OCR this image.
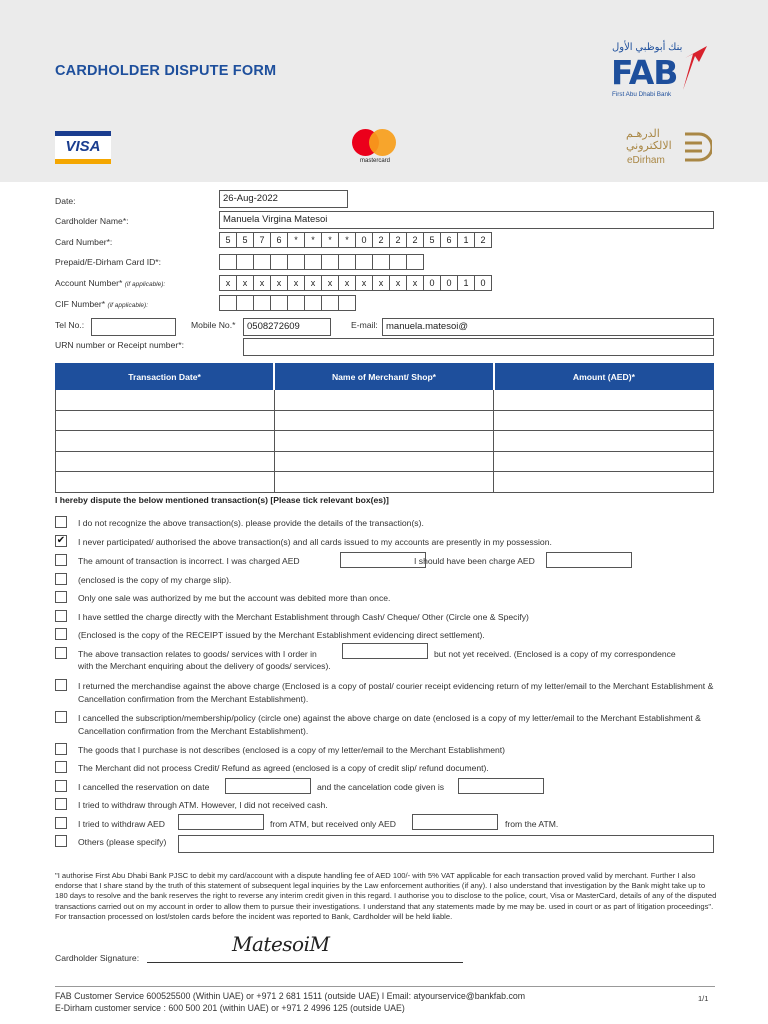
CARDHOLDER DISPUTE FORM
بنك أبوظبي الأول
FAB
First Abu Dhabi Bank
VISA
mastercard
الدرهـم
الالكتروني
eDirham
Date:	26-Aug-2022
Cardholder Name*:	Manuela Virgina Matesoi
Card Number*:	5	5	7	6	*	*	*	*	0	2	2	2	5	6	1	2
Prepaid/E-Dirham Card ID*:
Account Number* (if applicable):	x	x	x	x	x	x	x	x	x	x	x	x	0	0	1	0
CIF Number* (if applicable):
Tel No.:	Mobile No.*	0508272609	E-mail: manuela.matesoi@
URN number or Receipt number*:
Transaction Date*	Name of Merchant/ Shop*	Amount (AED)*

I hereby dispute the below mentioned transaction(s) [Please tick relevant box(es)]
I do not recognize the above transaction(s). please provide the details of the transaction(s).
✔ I never participated/ authorised the above transaction(s) and all cards issued to my accounts are presently in my possession.
The amount of transaction is incorrect. I was charged AED	I should have been charge AED
(enclosed is the copy of my charge slip).
Only one sale was authorized by me but the account was debited more than once.
I have settled the charge directly with the Merchant Establishment through Cash/ Cheque/ Other (Circle one & Specify)
(Enclosed is the copy of the RECEIPT issued by the Merchant Establishment evidencing direct settlement).
The above transaction relates to goods/ services with I order in	but not yet received. (Enclosed is a copy of my correspondence
with the Merchant enquiring about the delivery of goods/ services).
I returned the merchandise against the above charge (Enclosed is a copy of postal/ courier receipt evidencing return of my letter/email to the Merchant Establishment & Cancellation confirmation from the Merchant Establishment).
I cancelled the subscription/membership/policy (circle one) against the above charge on date (enclosed is a copy of my letter/email to the Merchant Establishment & Cancellation confirmation from the Merchant Establishment).
The goods that I purchase is not describes (enclosed is a copy of my letter/email to the Merchant Establishment)
The Merchant did not process Credit/ Refund as agreed (enclosed is a copy of credit slip/ refund document).
I cancelled the reservation on date	and the cancelation code given is
I tried to withdraw through ATM. However, I did not received cash.
I tried to withdraw AED	from ATM, but received only AED	from the ATM.
Others (please specify)
"I authorise First Abu Dhabi Bank PJSC to debit my card/account with a dispute handling fee of AED 100/- with 5% VAT applicable for each transaction proved valid by merchant. Further I also endorse that I share stand by the truth of this statement of subsequent legal inquiries by the Law enforcement authorities (if any). I also understand that investigation by the Bank might take up to 180 days to resolve and the bank reserves the right to reverse any interim credit given in this regard. I authorise you to disclose to the police, court, Visa or MasterCard, details of any of the disputed transactions carried out on my account in order to allow them to pursue their investigations. I understand that any statements made by me may be. used in court or as part of litigation proceedings". For transaction processed on lost/stolen cards before the incident was reported to Bank, Cardholder will be held liable.
Cardholder Signature:
MatesoiM
FAB Customer Service 600525500 (Within UAE) or +971 2 681 1511 (outside UAE) I Email: atyourservice@bankfab.com
E-Dirham customer service : 600 500 201 (within UAE) or +971 2 4996 125 (outside UAE)
1/1
